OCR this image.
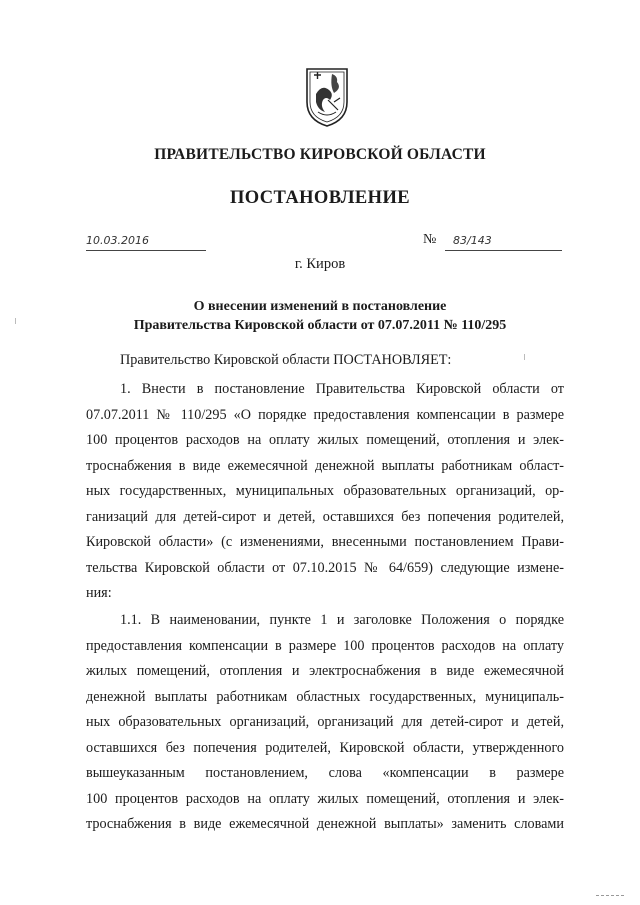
ПРАВИТЕЛЬСТВО КИРОВСКОЙ ОБЛАСТИ
ПОСТАНОВЛЕНИЕ
10.03.2016	№ 83/143
г. Киров
О внесении изменений в постановление
Правительства Кировской области от 07.07.2011 № 110/295
Правительство Кировской области ПОСТАНОВЛЯЕТ:
1. Внести в постановление Правительства Кировской области от
07.07.2011 № 110/295 «О порядке предоставления компенсации в размере
100 процентов расходов на оплату жилых помещений, отопления и элек-
троснабжения в виде ежемесячной денежной выплаты работникам област-
ных государственных, муниципальных образовательных организаций, ор-
ганизаций для детей-сирот и детей, оставшихся без попечения родителей,
Кировской области» (с изменениями, внесенными постановлением Прави-
тельства Кировской области от 07.10.2015 № 64/659) следующие измене-
ния:
1.1. В наименовании, пункте 1 и заголовке Положения о порядке
предоставления компенсации в размере 100 процентов расходов на оплату
жилых помещений, отопления и электроснабжения в виде ежемесячной
денежной выплаты работникам областных государственных, муниципаль-
ных образовательных организаций, организаций для детей-сирот и детей,
оставшихся без попечения родителей, Кировской области, утвержденного
вышеуказанным постановлением, слова «компенсации в размере
100 процентов расходов на оплату жилых помещений, отопления и элек-
троснабжения в виде ежемесячной денежной выплаты» заменить словами
